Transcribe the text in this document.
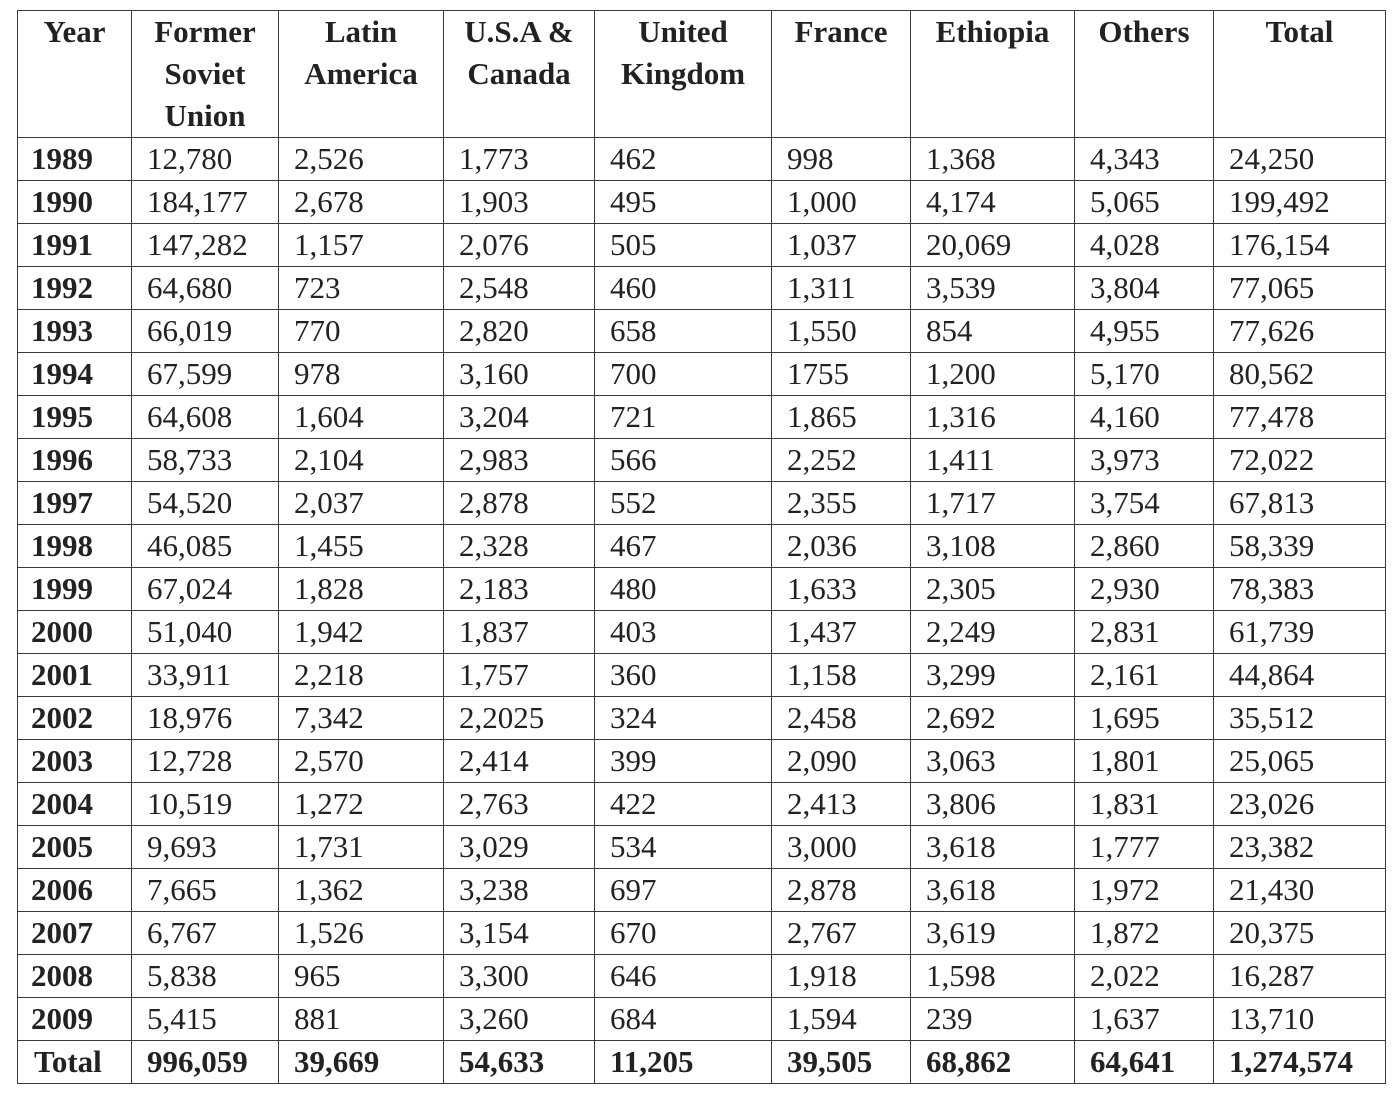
Year	Former Soviet Union	Latin America	U.S.A & Canada	United Kingdom	France	Ethiopia	Others	Total
1989	12,780	2,526	1,773	462	998	1,368	4,343	24,250
1990	184,177	2,678	1,903	495	1,000	4,174	5,065	199,492
1991	147,282	1,157	2,076	505	1,037	20,069	4,028	176,154
1992	64,680	723	2,548	460	1,311	3,539	3,804	77,065
1993	66,019	770	2,820	658	1,550	854	4,955	77,626
1994	67,599	978	3,160	700	1755	1,200	5,170	80,562
1995	64,608	1,604	3,204	721	1,865	1,316	4,160	77,478
1996	58,733	2,104	2,983	566	2,252	1,411	3,973	72,022
1997	54,520	2,037	2,878	552	2,355	1,717	3,754	67,813
1998	46,085	1,455	2,328	467	2,036	3,108	2,860	58,339
1999	67,024	1,828	2,183	480	1,633	2,305	2,930	78,383
2000	51,040	1,942	1,837	403	1,437	2,249	2,831	61,739
2001	33,911	2,218	1,757	360	1,158	3,299	2,161	44,864
2002	18,976	7,342	2,2025	324	2,458	2,692	1,695	35,512
2003	12,728	2,570	2,414	399	2,090	3,063	1,801	25,065
2004	10,519	1,272	2,763	422	2,413	3,806	1,831	23,026
2005	9,693	1,731	3,029	534	3,000	3,618	1,777	23,382
2006	7,665	1,362	3,238	697	2,878	3,618	1,972	21,430
2007	6,767	1,526	3,154	670	2,767	3,619	1,872	20,375
2008	5,838	965	3,300	646	1,918	1,598	2,022	16,287
2009	5,415	881	3,260	684	1,594	239	1,637	13,710
Total	996,059	39,669	54,633	11,205	39,505	68,862	64,641	1,274,574
